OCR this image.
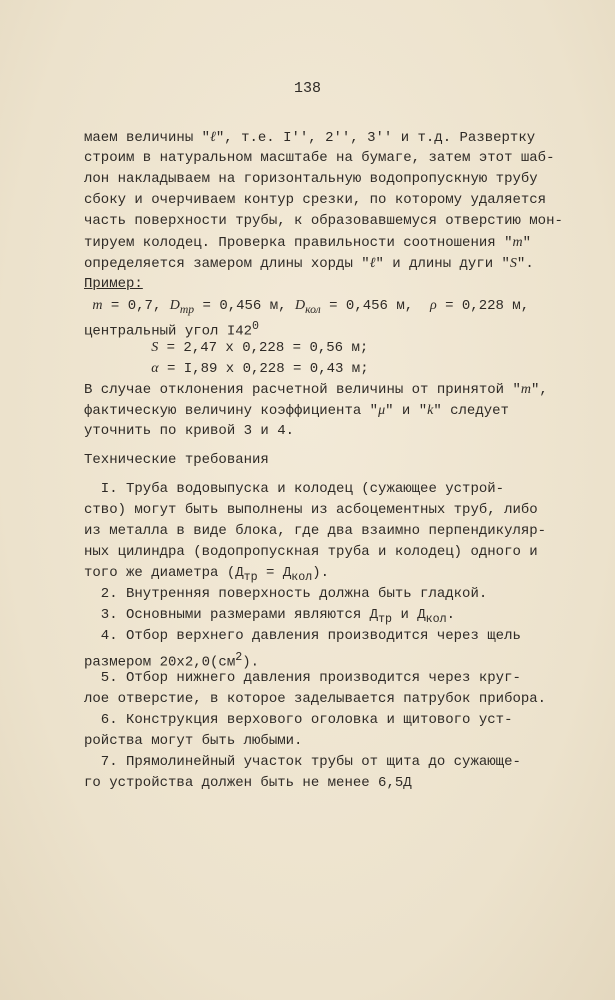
138
маем величины "ℓ", т.е. I'', 2'', 3'' и т.д. Развертку
строим в натуральном масштабе на бумаге, затем этот шаб-
лон накладываем на горизонтальную водопропускную трубу
сбоку и очерчиваем контур срезки, по которому удаляется
часть поверхности трубы, к образовавшемуся отверстию мон-
тируем колодец. Проверка правильности соотношения "m"
определяется замером длины хорды "ℓ" и длины дуги "S".
Пример:
m = 0,7, $D_{тр} = 0,456$ м, $D_{кол} = 0,456$ м,  ρ = 0,228 м,
центральный угол $I42^0$
S = 2,47 x 0,228 = 0,56 м;
α = I,89 x 0,228 = 0,43 м;
В случае отклонения расчетной величины от принятой "m",
фактическую величину коэффициента "μ" и "k" следует
уточнить по кривой 3 и 4.
Технические требования
I. Труба водовыпуска и колодец (сужающее устрой-
ство) могут быть выполнены из асбоцементных труб, либо
из металла в виде блока, где два взаимно перпендикуляр-
ных цилиндра (водопропускная труба и колодец) одного и
того же диаметра $(Д_{тр} = Д_{кол})$.
2. Внутренняя поверхность должна быть гладкой.
3. Основными размерами являются $Д_{тр}$ и $Д_{кол}$.
4. Отбор верхнего давления производится через щель
размером $20x2,0(см^2)$.
5. Отбор нижнего давления производится через круг-
лое отверстие, в которое заделывается патрубок прибора.
6. Конструкция верхового оголовка и щитового уст-
ройства могут быть любыми.
7. Прямолинейный участок трубы от щита до сужающе-
го устройства должен быть не менее 6,5Д
